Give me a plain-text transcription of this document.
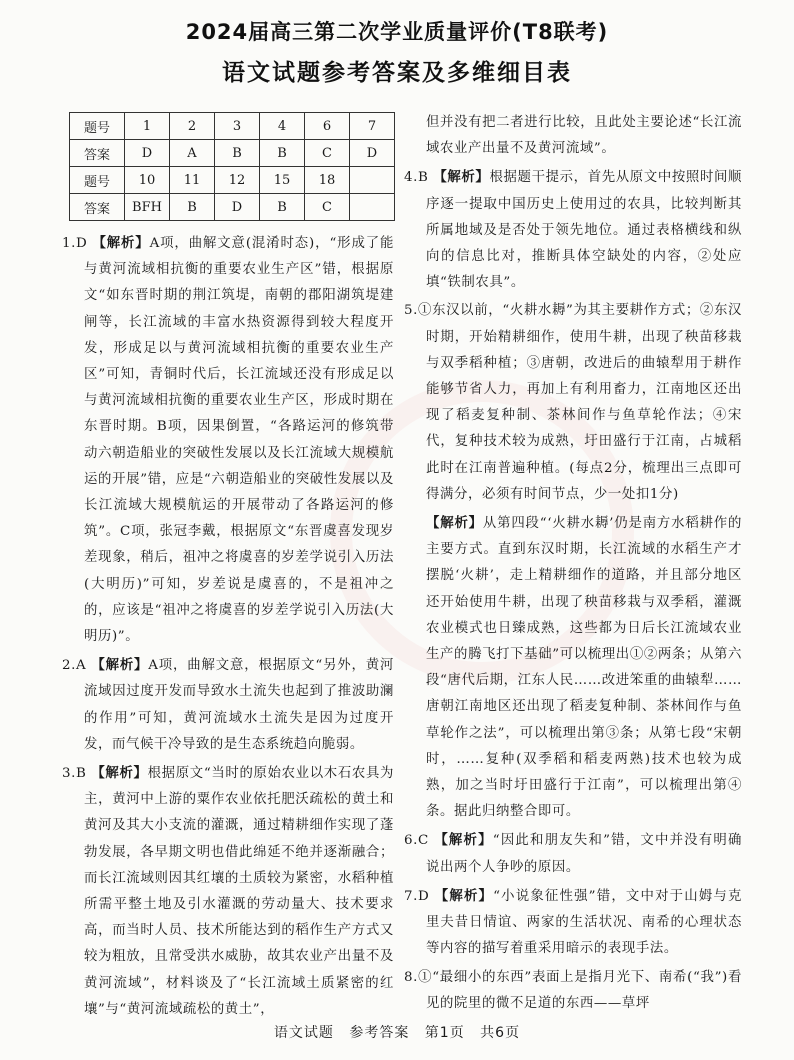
2024届高三第二次学业质量评价(T8联考)
语文试题参考答案及多维细目表
题号	1	2	3	4	6	7
答案	D	A	B	B	C	D
题号	10	11	12	15	18	
答案	BFH	B	D	B	C	

1.D 【解析】A项，曲解文意(混淆时态)，“形成了能与黄河流域相抗衡的重要农业生产区”错，根据原文“如东晋时期的荆江筑堤，南朝的郡阳湖筑堤建闸等，长江流域的丰富水热资源得到较大程度开发，形成足以与黄河流域相抗衡的重要农业生产区”可知，青铜时代后，长江流域还没有形成足以与黄河流域相抗衡的重要农业生产区，形成时期在东晋时期。B项，因果倒置，“各路运河的修筑带动六朝造船业的突破性发展以及长江流域大规模航运的开展”错，应是“六朝造船业的突破性发展以及长江流域大规模航运的开展带动了各路运河的修筑”。C项，张冠李戴，根据原文“东晋虞喜发现岁差现象，稍后，祖冲之将虞喜的岁差学说引入历法(大明历)”可知，岁差说是虞喜的，不是祖冲之的，应该是“祖冲之将虞喜的岁差学说引入历法(大明历)”。

2.A 【解析】A项，曲解文意，根据原文“另外，黄河流域因过度开发而导致水土流失也起到了推波助澜的作用”可知，黄河流域水土流失是因为过度开发，而气候干冷导致的是生态系统趋向脆弱。

3.B 【解析】根据原文“当时的原始农业以木石农具为主，黄河中上游的粟作农业依托肥沃疏松的黄土和黄河及其大小支流的灌溉，通过精耕细作实现了蓬勃发展，各早期文明也借此绵延不绝并逐渐融合；而长江流域则因其红壤的土质较为紧密，水稻种植所需平整土地及引水灌溉的劳动量大、技术要求高，而当时人员、技术所能达到的稻作生产方式又较为粗放，且常受洪水威胁，故其农业产出量不及黄河流域”，材料谈及了“长江流域土质紧密的红壤”与“黄河流域疏松的黄土”，

但并没有把二者进行比较，且此处主要论述“长江流域农业产出量不及黄河流域”。

4.B 【解析】根据题干提示，首先从原文中按照时间顺序逐一提取中国历史上使用过的农具，比较判断其所属地域及是否处于领先地位。通过表格横线和纵向的信息比对，推断具体空缺处的内容，②处应填“铁制农具”。

5.①东汉以前，“火耕水耨”为其主要耕作方式；②东汉时期，开始精耕细作，使用牛耕，出现了秧苗移栽与双季稻种植；③唐朝，改进后的曲辕犁用于耕作能够节省人力，再加上有利用畜力，江南地区还出现了稻麦复种制、茶林间作与鱼草轮作法；④宋代，复种技术较为成熟，圩田盛行于江南，占城稻此时在江南普遍种植。(每点2分，梳理出三点即可得满分，必须有时间节点，少一处扣1分)

【解析】从第四段“‘火耕水耨’仍是南方水稻耕作的主要方式。直到东汉时期，长江流域的水稻生产才摆脱‘火耕’，走上精耕细作的道路，并且部分地区还开始使用牛耕，出现了秧苗移栽与双季稻，灌溉农业模式也日臻成熟，这些都为日后长江流域农业生产的腾飞打下基础”可以梳理出①②两条；从第六段“唐代后期，江东人民……改进笨重的曲辕犁……唐朝江南地区还出现了稻麦复种制、茶林间作与鱼草轮作之法”，可以梳理出第③条；从第七段“宋朝时，……复种(双季稻和稻麦两熟)技术也较为成熟，加之当时圩田盛行于江南”，可以梳理出第④条。据此归纳整合即可。

6.C 【解析】“因此和朋友失和”错，文中并没有明确说出两个人争吵的原因。

7.D 【解析】“小说象征性强”错，文中对于山姆与克里夫昔日情谊、两家的生活状况、南希的心理状态等内容的描写着重采用暗示的表现手法。

8.①“最细小的东西”表面上是指月光下、南希(“我”)看见的院里的微不足道的东西——草坪

语文试题 参考答案 第1页 共6页
